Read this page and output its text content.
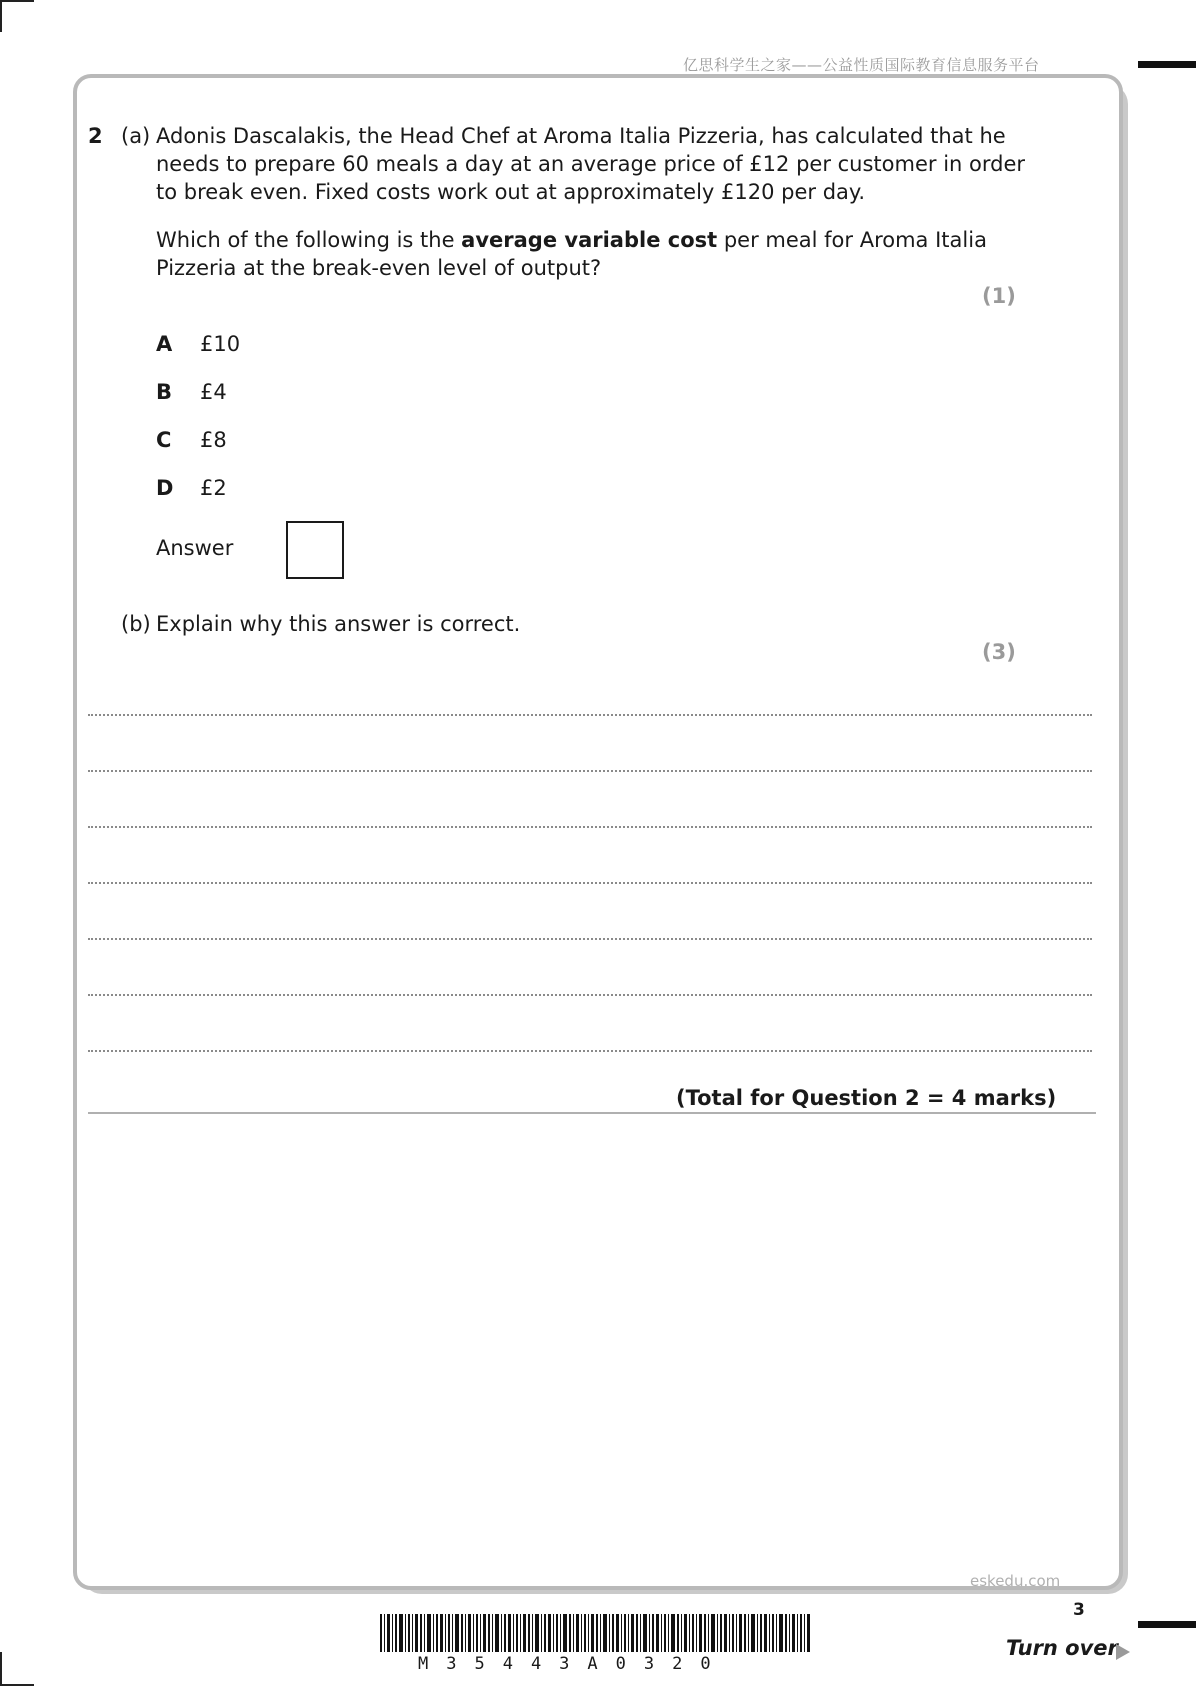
亿思科学生之家——公益性质国际教育信息服务平台
2 (a) Adonis Dascalakis, the Head Chef at Aroma Italia Pizzeria, has calculated that he
needs to prepare 60 meals a day at an average price of £12 per customer in order
to break even. Fixed costs work out at approximately £120 per day.
Which of the following is the average variable cost per meal for Aroma Italia
Pizzeria at the break-even level of output?
(1)
A £10
B £4
C £8
D £2
Answer
(b) Explain why this answer is correct.
(3)
(Total for Question 2 = 4 marks)
eskedu.com
3
M35443A0320
Turn over
